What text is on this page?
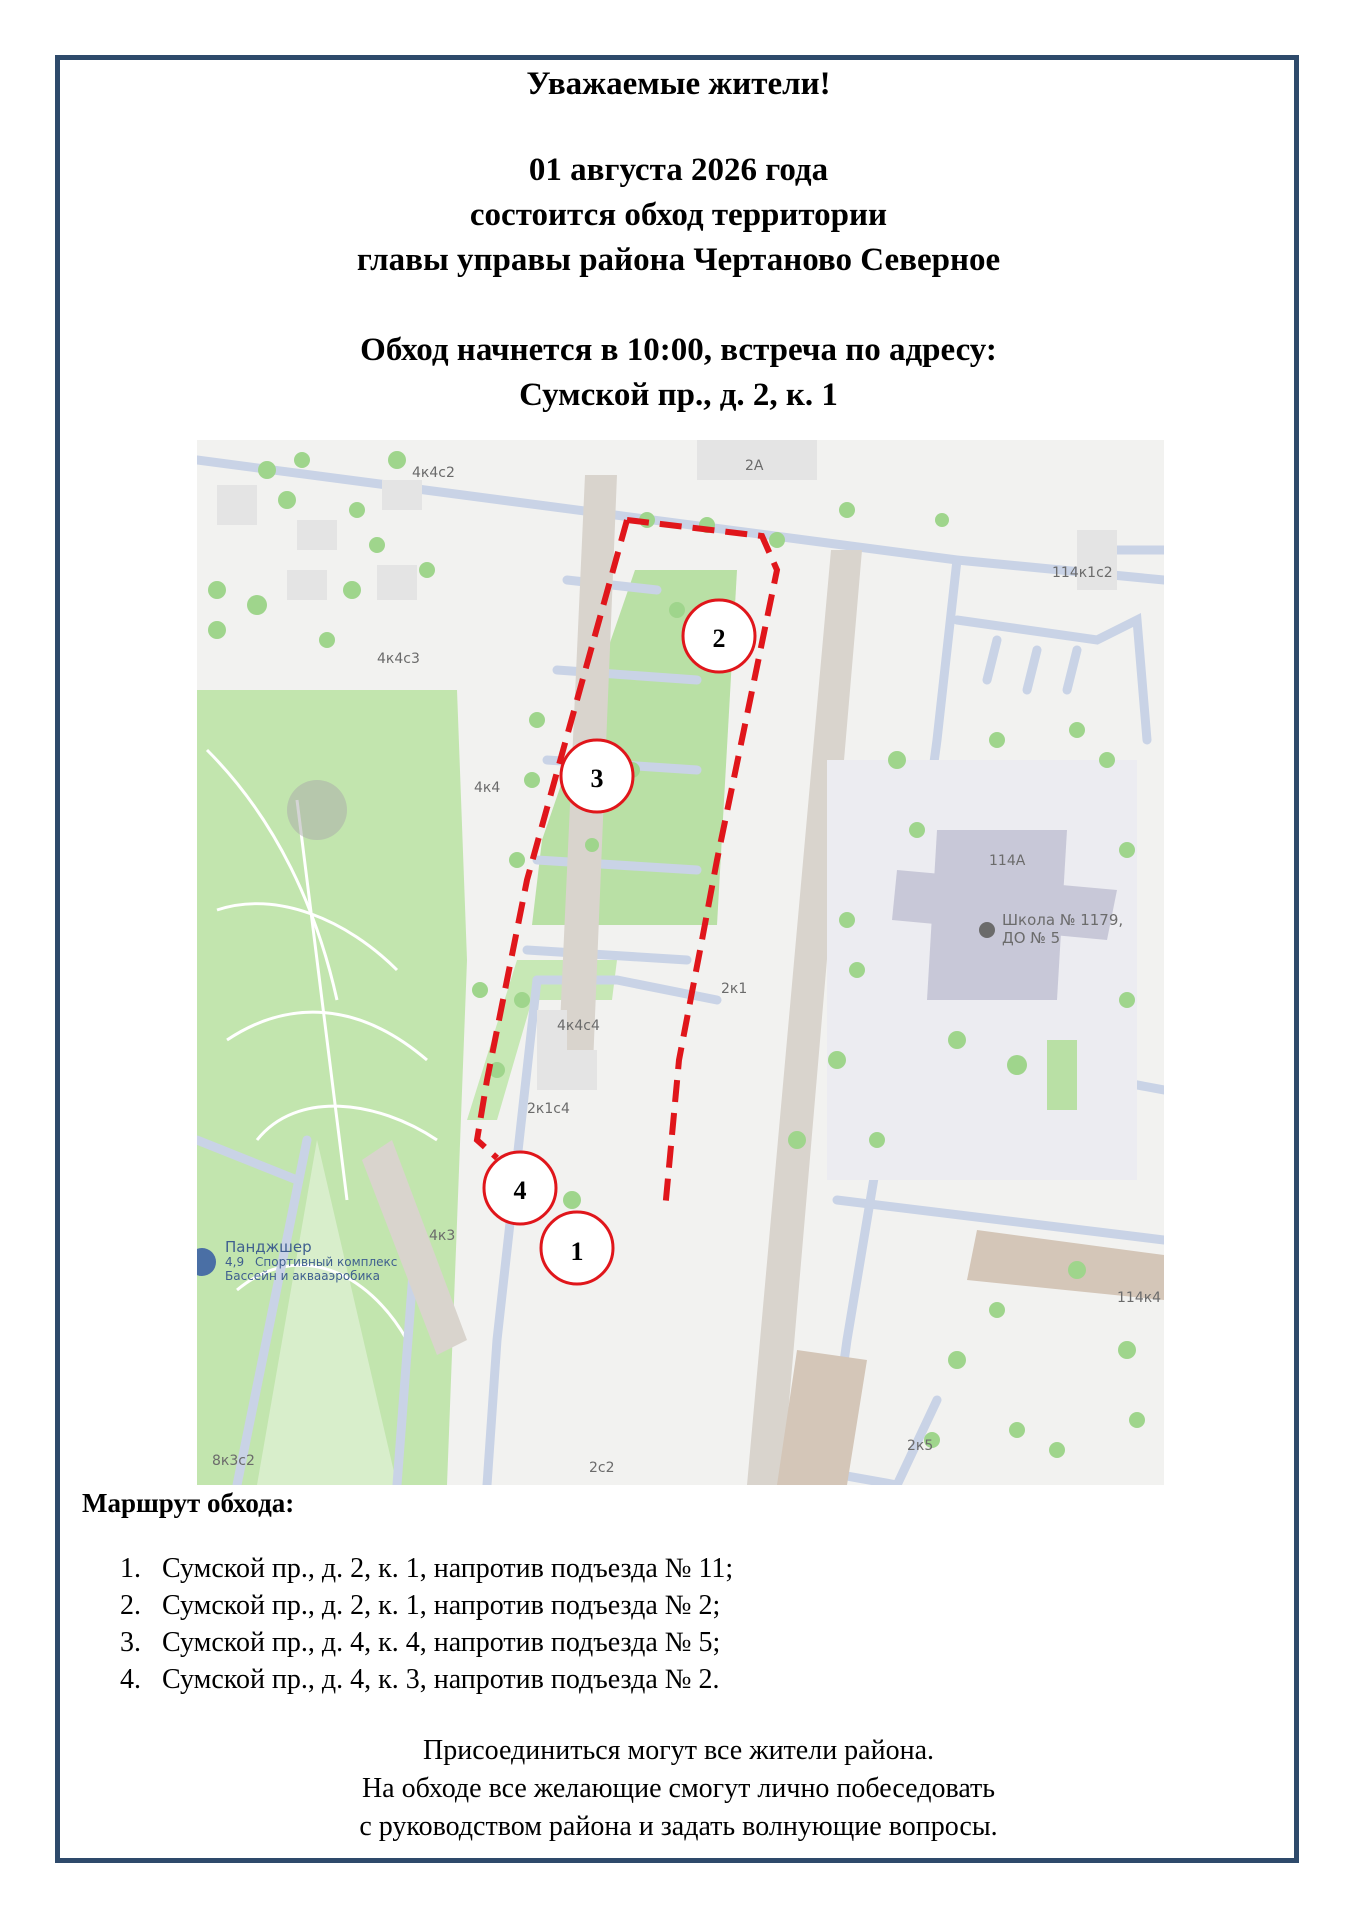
Уважаемые жители!
01 августа 2026 года
состоится обход территории
главы управы района Чертаново Северное
Обход начнется в 10:00, встреча по адресу:
Сумской пр., д. 2, к. 1
4к4с2	2А
114к1с2
4к4с3
4к4
114А
Школа № 1179,
ДО № 5
2к1
4к4с4
2к1с4
4к3
114к4
2к5
8к3с2	2с2
Панджшер
4,9 Спортивный комплекс
Бассейн и аквааэробика
1
2
3
4
Маршрут обхода:
1. Сумской пр., д. 2, к. 1, напротив подъезда № 11;
2. Сумской пр., д. 2, к. 1, напротив подъезда № 2;
3. Сумской пр., д. 4, к. 4, напротив подъезда № 5;
4. Сумской пр., д. 4, к. 3, напротив подъезда № 2.
Присоединиться могут все жители района.
На обходе все желающие смогут лично побеседовать
с руководством района и задать волнующие вопросы.
